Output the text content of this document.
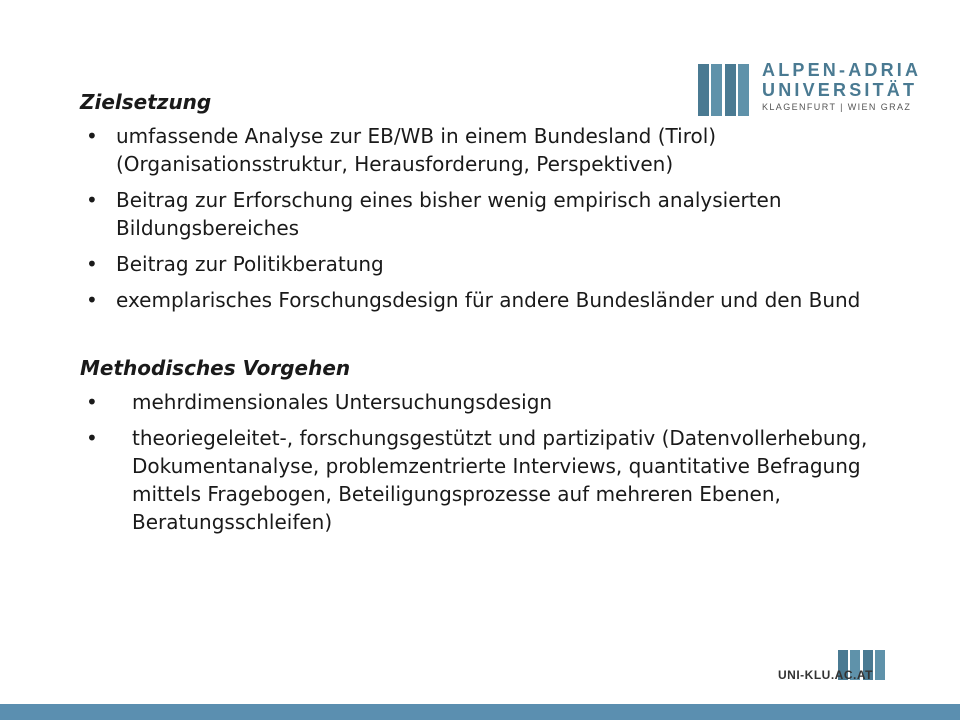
ALPEN-ADRIA
UNIVERSITÄT
KLAGENFURT | WIEN GRAZ
Zielsetzung
• umfassende Analyse zur EB/WB in einem Bundesland (Tirol)(Organisationsstruktur, Herausforderung, Perspektiven)
• Beitrag zur Erforschung eines bisher wenig empirisch analysierten Bildungsbereiches
• Beitrag zur Politikberatung
• exemplarisches Forschungsdesign für andere Bundesländer und den Bund
Methodisches Vorgehen
• mehrdimensionales Untersuchungsdesign
• theoriegeleitet-, forschungsgestützt und partizipativ (Datenvollerhebung, Dokumentanalyse, problemzentrierte Interviews, quantitative Befragung mittels Fragebogen, Beteiligungsprozesse auf mehreren Ebenen, Beratungsschleifen)
UNI-KLU.AC.AT
